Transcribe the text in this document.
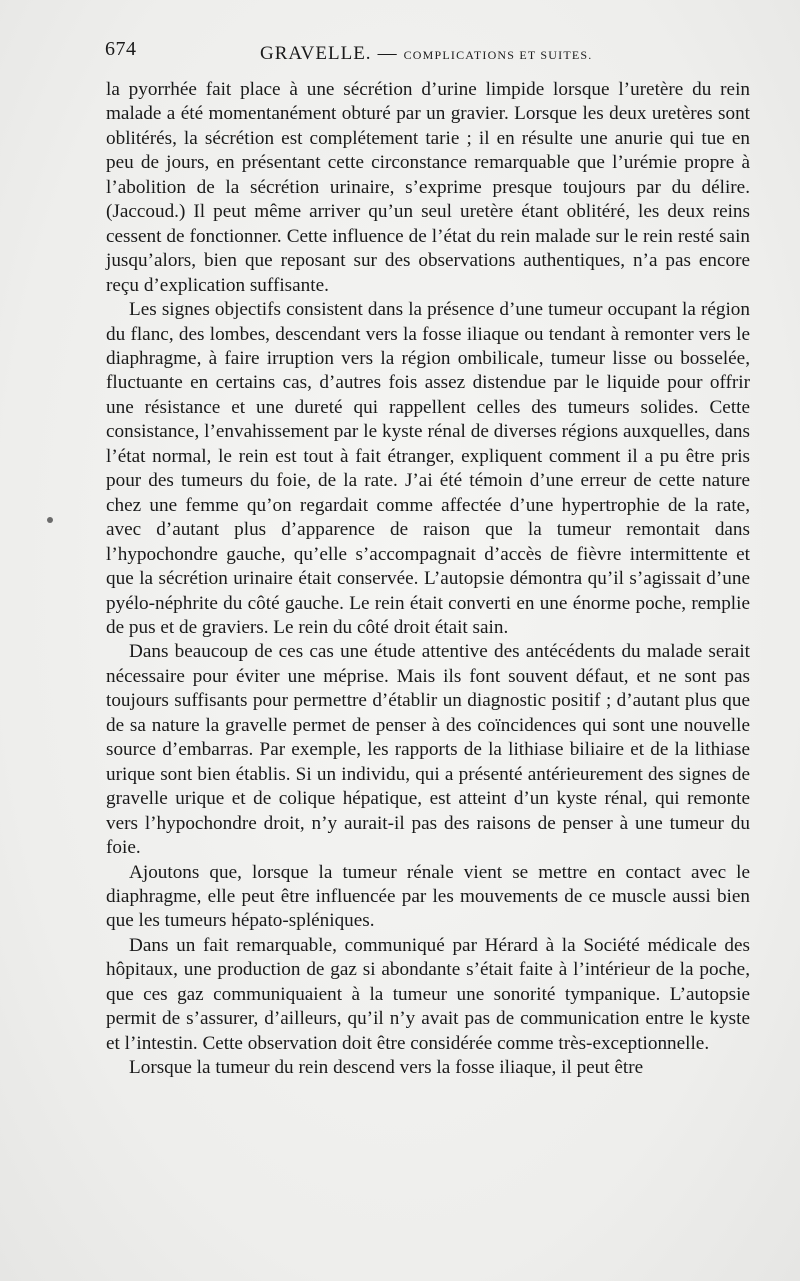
674	GRAVELLE. — COMPLICATIONS ET SUITES.

la pyorrhée fait place à une sécrétion d’urine limpide lorsque l’uretère du rein malade a été momentanément obturé par un gravier. Lorsque les deux uretères sont oblitérés, la sécrétion est complétement tarie ; il en résulte une anurie qui tue en peu de jours, en présentant cette circonstance remarquable que l’urémie propre à l’abolition de la sécrétion urinaire, s’exprime presque toujours par du délire. (Jaccoud.) Il peut même arriver qu’un seul uretère étant oblitéré, les deux reins cessent de fonctionner. Cette influence de l’état du rein malade sur le rein resté sain jusqu’alors, bien que reposant sur des observations authentiques, n’a pas encore reçu d’explication suffisante.

Les signes objectifs consistent dans la présence d’une tumeur occupant la région du flanc, des lombes, descendant vers la fosse iliaque ou tendant à remonter vers le diaphragme, à faire irruption vers la région ombilicale, tumeur lisse ou bosselée, fluctuante en certains cas, d’autres fois assez distendue par le liquide pour offrir une résistance et une dureté qui rappellent celles des tumeurs solides. Cette consistance, l’envahissement par le kyste rénal de diverses régions auxquelles, dans l’état normal, le rein est tout à fait étranger, expliquent comment il a pu être pris pour des tumeurs du foie, de la rate. J’ai été témoin d’une erreur de cette nature chez une femme qu’on regardait comme affectée d’une hypertrophie de la rate, avec d’autant plus d’apparence de raison que la tumeur remontait dans l’hypochondre gauche, qu’elle s’accompagnait d’accès de fièvre intermittente et que la sécrétion urinaire était conservée. L’autopsie démontra qu’il s’agissait d’une pyélo-néphrite du côté gauche. Le rein était converti en une énorme poche, remplie de pus et de graviers. Le rein du côté droit était sain.

Dans beaucoup de ces cas une étude attentive des antécédents du malade serait nécessaire pour éviter une méprise. Mais ils font souvent défaut, et ne sont pas toujours suffisants pour permettre d’établir un diagnostic positif ; d’autant plus que de sa nature la gravelle permet de penser à des coïncidences qui sont une nouvelle source d’embarras. Par exemple, les rapports de la lithiase biliaire et de la lithiase urique sont bien établis. Si un individu, qui a présenté antérieurement des signes de gravelle urique et de colique hépatique, est atteint d’un kyste rénal, qui remonte vers l’hypochondre droit, n’y aurait-il pas des raisons de penser à une tumeur du foie.

Ajoutons que, lorsque la tumeur rénale vient se mettre en contact avec le diaphragme, elle peut être influencée par les mouvements de ce muscle aussi bien que les tumeurs hépato-spléniques.

Dans un fait remarquable, communiqué par Hérard à la Société médicale des hôpitaux, une production de gaz si abondante s’était faite à l’intérieur de la poche, que ces gaz communiquaient à la tumeur une sonorité tympanique. L’autopsie permit de s’assurer, d’ailleurs, qu’il n’y avait pas de communication entre le kyste et l’intestin. Cette observation doit être considérée comme très-exceptionnelle.

Lorsque la tumeur du rein descend vers la fosse iliaque, il peut être
